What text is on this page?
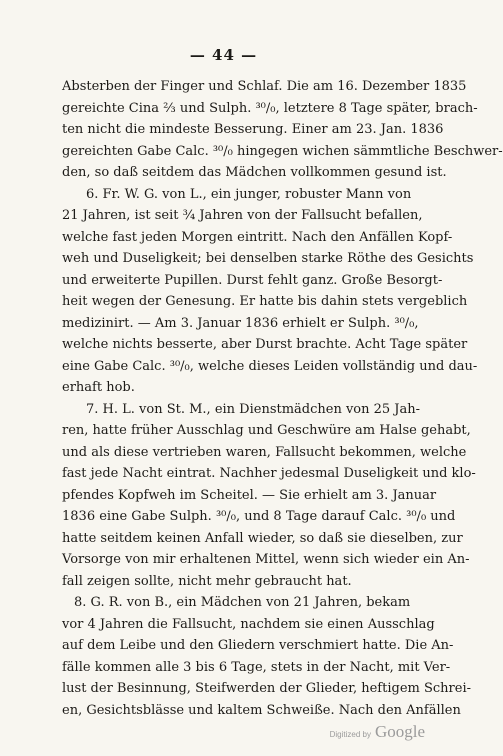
— 44 —
Absterben der Finger und Schlaf. Die am 16. Dezember 1835
gereichte Cina ⅔ und Sulph. ³⁰/₀, letztere 8 Tage später, brach-
ten nicht die mindeste Besserung. Einer am 23. Jan. 1836
gereichten Gabe Calc. ³⁰/₀ hingegen wichen sämmtliche Beschwer-
den, so daß seitdem das Mädchen vollkommen gesund ist.
6. Fr. W. G. von L., ein junger, robuster Mann von
21 Jahren, ist seit ¾ Jahren von der Fallsucht befallen,
welche fast jeden Morgen eintritt. Nach den Anfällen Kopf-
weh und Duseligkeit; bei denselben starke Röthe des Gesichts
und erweiterte Pupillen. Durst fehlt ganz. Große Besorgt-
heit wegen der Genesung. Er hatte bis dahin stets vergeblich
medizinirt. — Am 3. Januar 1836 erhielt er Sulph. ³⁰/₀,
welche nichts besserte, aber Durst brachte. Acht Tage später
eine Gabe Calc. ³⁰/₀, welche dieses Leiden vollständig und dau-
erhaft hob.
7. H. L. von St. M., ein Dienstmädchen von 25 Jah-
ren, hatte früher Ausschlag und Geschwüre am Halse gehabt,
und als diese vertrieben waren, Fallsucht bekommen, welche
fast jede Nacht eintrat. Nachher jedesmal Duseligkeit und klo-
pfendes Kopfweh im Scheitel. — Sie erhielt am 3. Januar
1836 eine Gabe Sulph. ³⁰/₀, und 8 Tage darauf Calc. ³⁰/₀ und
hatte seitdem keinen Anfall wieder, so daß sie dieselben, zur
Vorsorge von mir erhaltenen Mittel, wenn sich wieder ein An-
fall zeigen sollte, nicht mehr gebraucht hat.
8. G. R. von B., ein Mädchen von 21 Jahren, bekam
vor 4 Jahren die Fallsucht, nachdem sie einen Ausschlag
auf dem Leibe und den Gliedern verschmiert hatte. Die An-
fälle kommen alle 3 bis 6 Tage, stets in der Nacht, mit Ver-
lust der Besinnung, Steifwerden der Glieder, heftigem Schrei-
en, Gesichtsblässe und kaltem Schweiße. Nach den Anfällen
Digitized by Google
